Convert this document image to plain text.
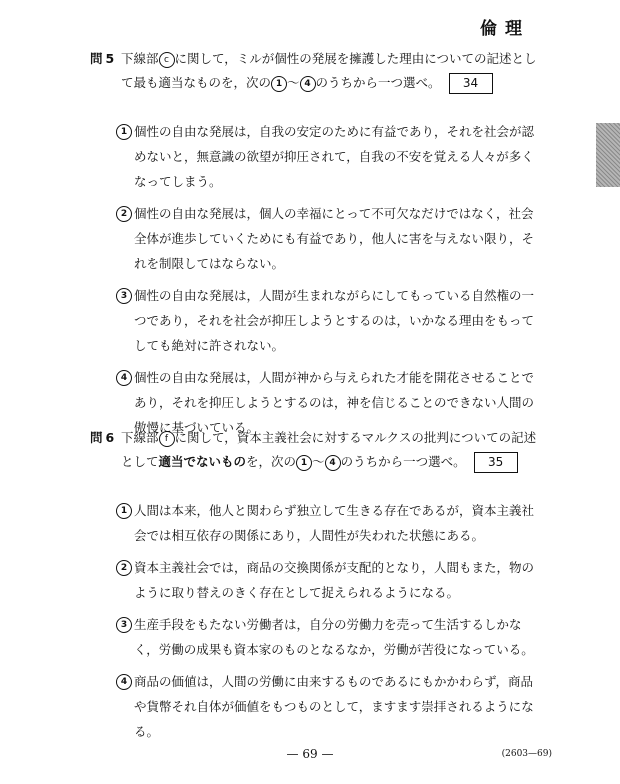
倫理
問 5 下線部 c に関して，ミルが個性の発展を擁護した理由についての記述として最も適当なものを，次の 1 〜 4 のうちから一つ選べ。 34
1 個性の自由な発展は，自我の安定のために有益であり，それを社会が認めないと，無意識の欲望が抑圧されて，自我の不安を覚える人々が多くなってしまう。
2 個性の自由な発展は，個人の幸福にとって不可欠なだけではなく，社会全体が進歩していくためにも有益であり，他人に害を与えない限り，それを制限してはならない。
3 個性の自由な発展は，人間が生まれながらにしてもっている自然権の一つであり，それを社会が抑圧しようとするのは，いかなる理由をもってしても絶対に許されない。
4 個性の自由な発展は，人間が神から与えられた才能を開花させることであり，それを抑圧しようとするのは，神を信じることのできない人間の傲慢に基づいている。
問 6 下線部 f に関して，資本主義社会に対するマルクスの批判についての記述として適当でないものを，次の 1 〜 4 のうちから一つ選べ。 35
1 人間は本来，他人と関わらず独立して生きる存在であるが，資本主義社会では相互依存の関係にあり，人間性が失われた状態にある。
2 資本主義社会では，商品の交換関係が支配的となり，人間もまた，物のように取り替えのきく存在として捉えられるようになる。
3 生産手段をもたない労働者は，自分の労働力を売って生活するしかなく，労働の成果も資本家のものとなるなか，労働が苦役になっている。
4 商品の価値は，人間の労働に由来するものであるにもかかわらず，商品や貨幣それ自体が価値をもつものとして，ますます崇拝されるようになる。
— 69 —	(2603—69)
